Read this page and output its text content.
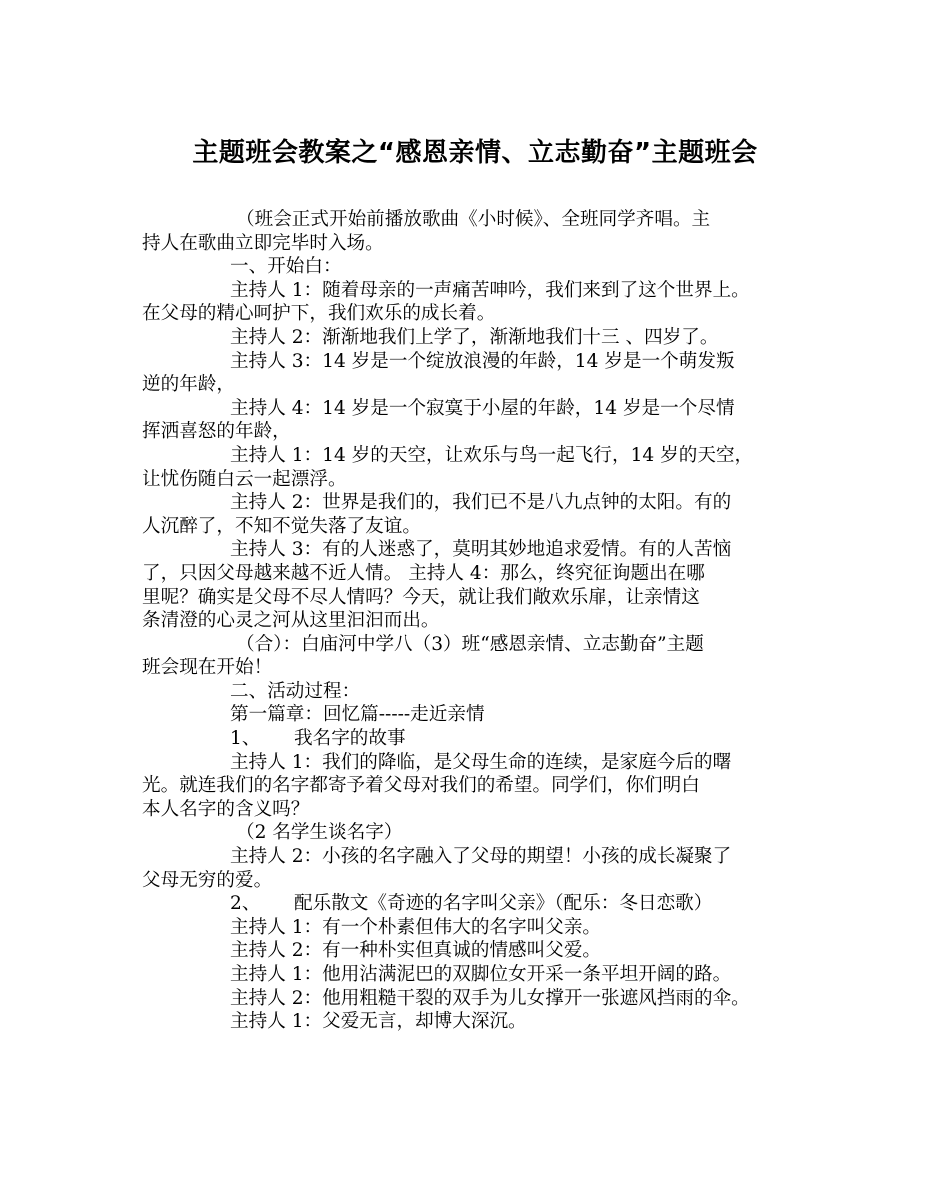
主题班会教案之“感恩亲情、立志勤奋”主题班会
（班会正式开始前播放歌曲《小时候》、全班同学齐唱。主
持人在歌曲立即完毕时入场。
一、开始白：
主持人 1：随着母亲的一声痛苦呻吟，我们来到了这个世界上。
在父母的精心呵护下，我们欢乐的成长着。
主持人 2：渐渐地我们上学了，渐渐地我们十三 、四岁了。
主持人 3：14 岁是一个绽放浪漫的年龄，14 岁是一个萌发叛
逆的年龄，
主持人 4：14 岁是一个寂寞于小屋的年龄，14 岁是一个尽情
挥洒喜怒的年龄，
主持人 1：14 岁的天空，让欢乐与鸟一起飞行，14 岁的天空，
让忧伤随白云一起漂浮。
主持人 2：世界是我们的，我们已不是八九点钟的太阳。有的
人沉醉了，不知不觉失落了友谊。
主持人 3：有的人迷惑了，莫明其妙地追求爱情。有的人苦恼
了，只因父母越来越不近人情。 主持人 4：那么，终究征询题出在哪
里呢？确实是父母不尽人情吗？今天，就让我们敞欢乐扉，让亲情这
条清澄的心灵之河从这里汩汩而出。
（合）：白庙河中学八（3）班“感恩亲情、立志勤奋”主题
班会现在开始！
二、活动过程：
第一篇章：回忆篇-----走近亲情
1、 我名字的故事
主持人 1：我们的降临，是父母生命的连续，是家庭今后的曙
光。就连我们的名字都寄予着父母对我们的希望。同学们，你们明白
本人名字的含义吗？
（2 名学生谈名字）
主持人 2：小孩的名字融入了父母的期望！小孩的成长凝聚了
父母无穷的爱。
2、 配乐散文《奇迹的名字叫父亲》（配乐：冬日恋歌）
主持人 1：有一个朴素但伟大的名字叫父亲。
主持人 2：有一种朴实但真诚的情感叫父爱。
主持人 1：他用沾满泥巴的双脚位女开采一条平坦开阔的路。
主持人 2：他用粗糙干裂的双手为儿女撑开一张遮风挡雨的伞。
主持人 1：父爱无言，却博大深沉。
